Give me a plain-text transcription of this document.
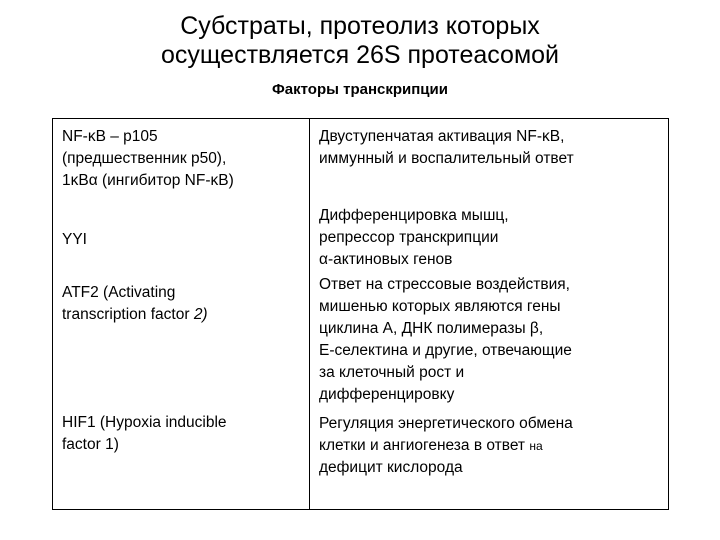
Субстраты, протеолиз которых
осуществляется 26S протеасомой
Факторы транскрипции
NF-κB – p105
(предшественник p50),
1κBα (ингибитор NF-κB)
YYI
ATF2 (Activating
transcription factor 2)
HIF1 (Hypoxia inducible
factor 1)
Двуступенчатая активация NF-κB,
иммунный и воспалительный ответ
Дифференцировка мышц,
репрессор транскрипции
α-актиновых генов
Ответ на стрессовые воздействия,
мишенью которых являются гены
циклина А, ДНК полимеразы β,
E-селектина и другие, отвечающие
за клеточный рост и
дифференцировку
Регуляция энергетического обмена
клетки и ангиогенеза в ответ на
дефицит кислорода
